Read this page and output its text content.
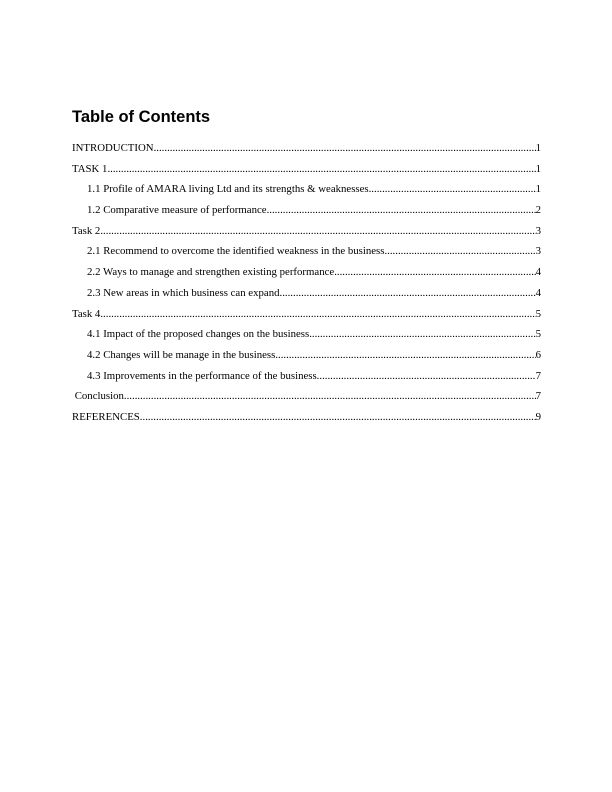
Table of Contents
INTRODUCTION .....	1
TASK 1 .....	1
1.1 Profile of AMARA living Ltd and its strengths & weaknesses .....	1
1.2 Comparative measure of performance .....	2
Task 2 .....	3
2.1 Recommend to overcome the identified weakness in the business .....	3
2.2 Ways to manage and strengthen existing performance .....	4
2.3 New areas in which business can expand .....	4
Task 4 .....	5
4.1 Impact of the proposed changes on the business .....	5
4.2 Changes will be manage in the business .....	6
4.3 Improvements in the performance of the business .....	7
Conclusion .....	7
REFERENCES .....	9
